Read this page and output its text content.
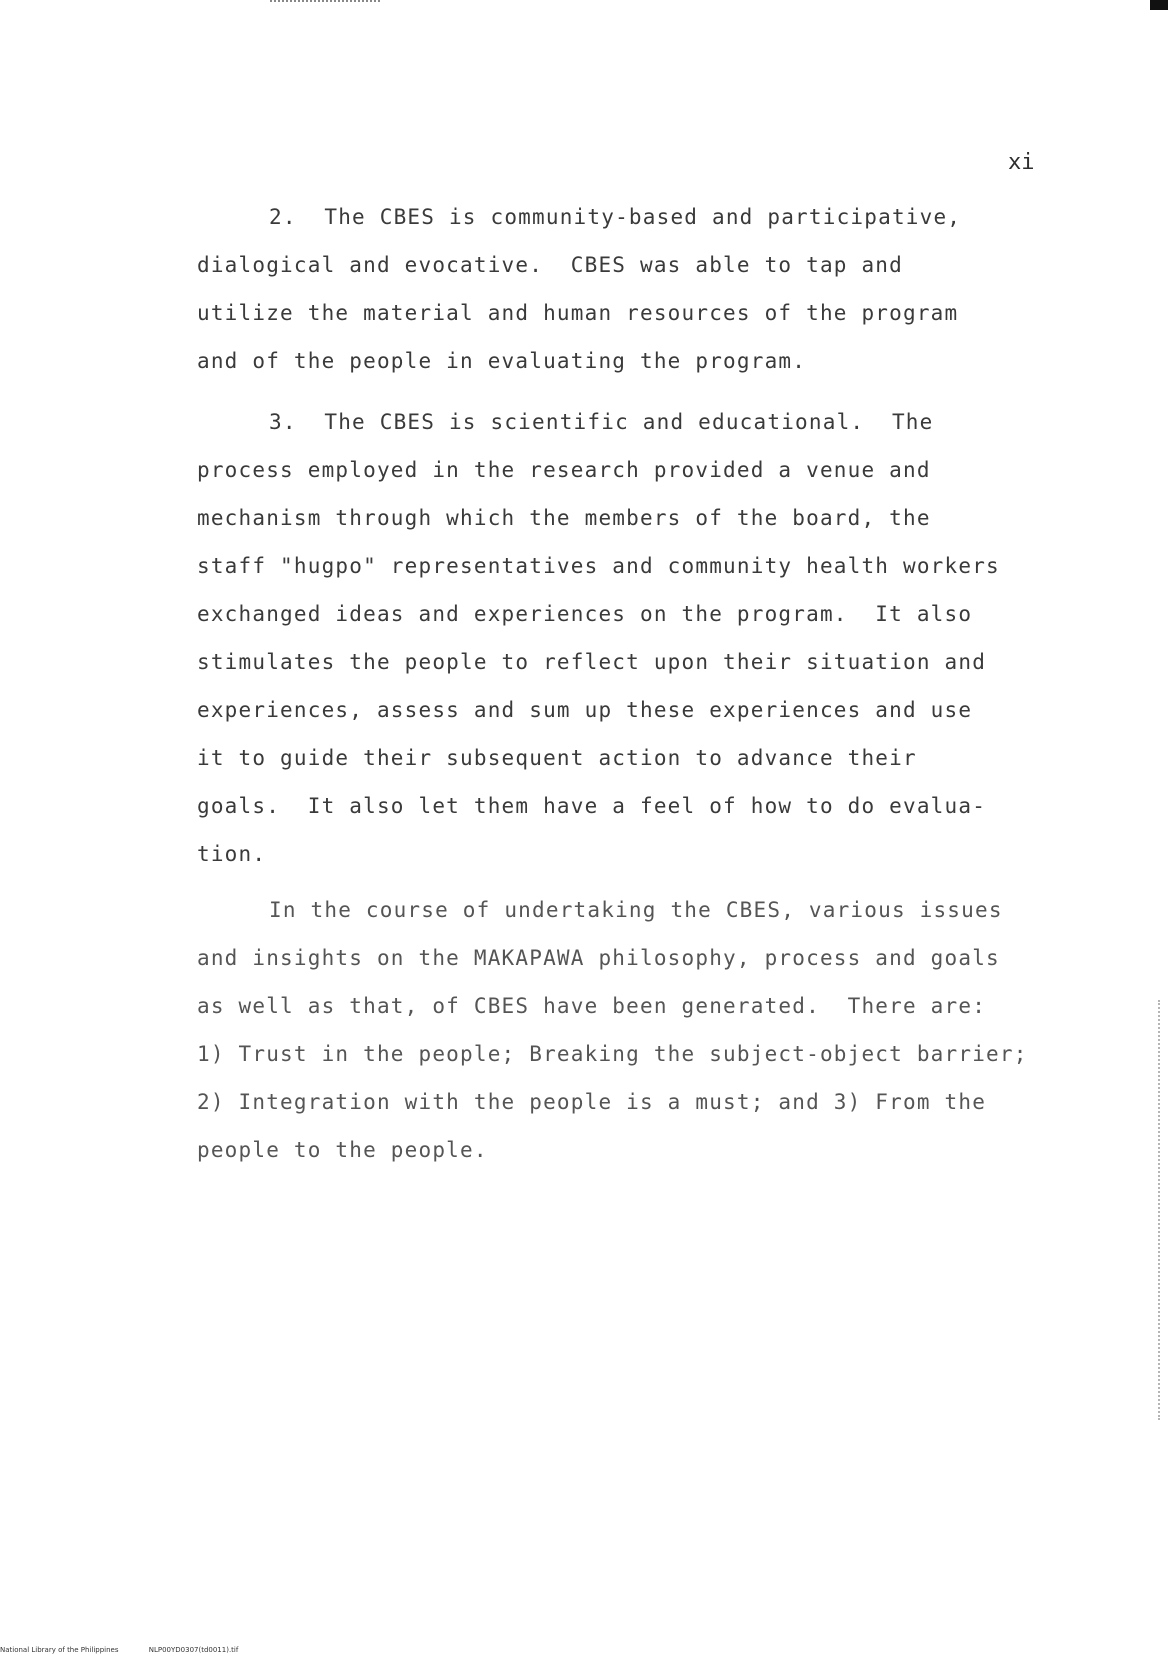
xi
2.  The CBES is community-based and participative,
dialogical and evocative.  CBES was able to tap and
utilize the material and human resources of the program
and of the people in evaluating the program.
3.  The CBES is scientific and educational.  The
process employed in the research provided a venue and
mechanism through which the members of the board, the
staff "hugpo" representatives and community health workers
exchanged ideas and experiences on the program.  It also
stimulates the people to reflect upon their situation and
experiences, assess and sum up these experiences and use
it to guide their subsequent action to advance their
goals.  It also let them have a feel of how to do evalua-
tion.
In the course of undertaking the CBES, various issues
and insights on the MAKAPAWA philosophy, process and goals
as well as that, of CBES have been generated.  There are:
1) Trust in the people; Breaking the subject-object barrier;
2) Integration with the people is a must; and 3) From the
people to the people.
National Library of the Philippines	NLP00YD0307(td0011).tif
